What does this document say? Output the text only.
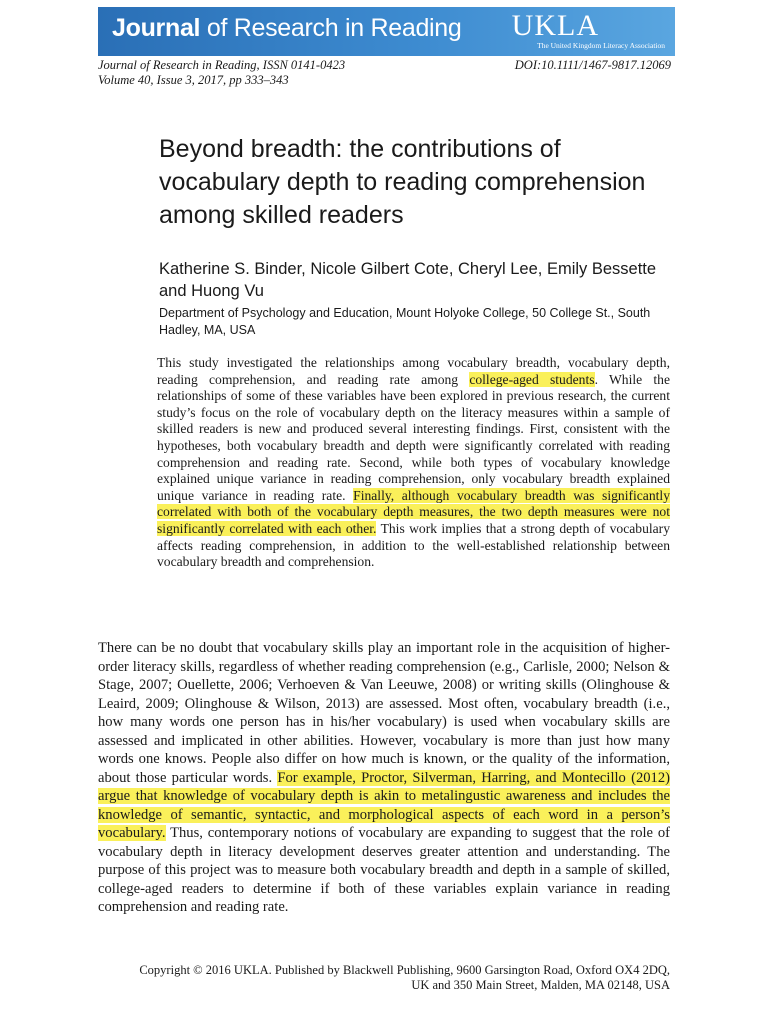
Journal of Research in Reading UKLA
The United Kingdom Literacy Association
Journal of Research in Reading, ISSN 0141-0423
Volume 40, Issue 3, 2017, pp 333–343
DOI:10.1111/1467-9817.12069
Beyond breadth: the contributions of vocabulary depth to reading comprehension among skilled readers
Katherine S. Binder, Nicole Gilbert Cote, Cheryl Lee, Emily Bessette and Huong Vu
Department of Psychology and Education, Mount Holyoke College, 50 College St., South Hadley, MA, USA

This study investigated the relationships among vocabulary breadth, vocabulary depth, reading comprehension, and reading rate among college-aged students. While the relationships of some of these variables have been explored in previous research, the current study’s focus on the role of vocabulary depth on the literacy measures within a sample of skilled readers is new and produced several interesting findings. First, consistent with the hypotheses, both vocabulary breadth and depth were significantly correlated with reading comprehension and reading rate. Second, while both types of vocabulary knowledge explained unique variance in reading comprehension, only vocabulary breadth explained unique variance in reading rate. Finally, although vocabulary breadth was significantly correlated with both of the vocabulary depth measures, the two depth measures were not significantly correlated with each other. This work implies that a strong depth of vocabulary affects reading comprehension, in addition to the well-established relationship between vocabulary breadth and comprehension.

There can be no doubt that vocabulary skills play an important role in the acquisition of higher-order literacy skills, regardless of whether reading comprehension (e.g., Carlisle, 2000; Nelson & Stage, 2007; Ouellette, 2006; Verhoeven & Van Leeuwe, 2008) or writing skills (Olinghouse & Leaird, 2009; Olinghouse & Wilson, 2013) are assessed. Most often, vocabulary breadth (i.e., how many words one person has in his/her vocabulary) is used when vocabulary skills are assessed and implicated in other abilities. However, vocabulary is more than just how many words one knows. People also differ on how much is known, or the quality of the information, about those particular words. For example, Proctor, Silverman, Harring, and Montecillo (2012) argue that knowledge of vocabulary depth is akin to metalingustic awareness and includes the knowledge of semantic, syntactic, and morphological aspects of each word in a person’s vocabulary. Thus, contemporary notions of vocabulary are expanding to suggest that the role of vocabulary depth in literacy development deserves greater attention and understanding. The purpose of this project was to measure both vocabulary breadth and depth in a sample of skilled, college-aged readers to determine if both of these variables explain variance in reading comprehension and reading rate.

Copyright © 2016 UKLA. Published by Blackwell Publishing, 9600 Garsington Road, Oxford OX4 2DQ,
UK and 350 Main Street, Malden, MA 02148, USA
